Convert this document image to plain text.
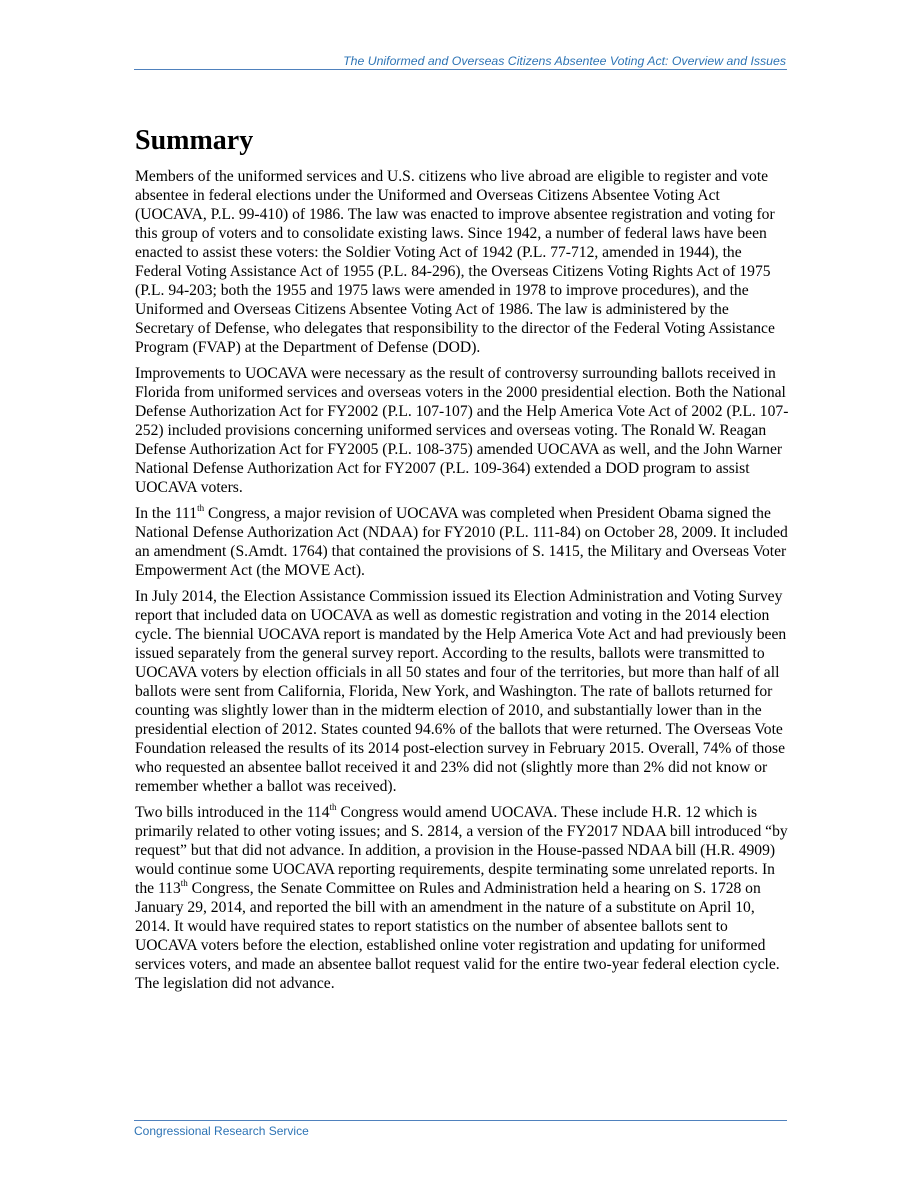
The Uniformed and Overseas Citizens Absentee Voting Act: Overview and Issues
Summary

Members of the uniformed services and U.S. citizens who live abroad are eligible to register and vote absentee in federal elections under the Uniformed and Overseas Citizens Absentee Voting Act (UOCAVA, P.L. 99-410) of 1986. The law was enacted to improve absentee registration and voting for this group of voters and to consolidate existing laws. Since 1942, a number of federal laws have been enacted to assist these voters: the Soldier Voting Act of 1942 (P.L. 77-712, amended in 1944), the Federal Voting Assistance Act of 1955 (P.L. 84-296), the Overseas Citizens Voting Rights Act of 1975 (P.L. 94-203; both the 1955 and 1975 laws were amended in 1978 to improve procedures), and the Uniformed and Overseas Citizens Absentee Voting Act of 1986. The law is administered by the Secretary of Defense, who delegates that responsibility to the director of the Federal Voting Assistance Program (FVAP) at the Department of Defense (DOD).

Improvements to UOCAVA were necessary as the result of controversy surrounding ballots received in Florida from uniformed services and overseas voters in the 2000 presidential election. Both the National Defense Authorization Act for FY2002 (P.L. 107-107) and the Help America Vote Act of 2002 (P.L. 107-252) included provisions concerning uniformed services and overseas voting. The Ronald W. Reagan Defense Authorization Act for FY2005 (P.L. 108-375) amended UOCAVA as well, and the John Warner National Defense Authorization Act for FY2007 (P.L. 109-364) extended a DOD program to assist UOCAVA voters.

In the 111th Congress, a major revision of UOCAVA was completed when President Obama signed the National Defense Authorization Act (NDAA) for FY2010 (P.L. 111-84) on October 28, 2009. It included an amendment (S.Amdt. 1764) that contained the provisions of S. 1415, the Military and Overseas Voter Empowerment Act (the MOVE Act).

In July 2014, the Election Assistance Commission issued its Election Administration and Voting Survey report that included data on UOCAVA as well as domestic registration and voting in the 2014 election cycle. The biennial UOCAVA report is mandated by the Help America Vote Act and had previously been issued separately from the general survey report. According to the results, ballots were transmitted to UOCAVA voters by election officials in all 50 states and four of the territories, but more than half of all ballots were sent from California, Florida, New York, and Washington. The rate of ballots returned for counting was slightly lower than in the midterm election of 2010, and substantially lower than in the presidential election of 2012. States counted 94.6% of the ballots that were returned. The Overseas Vote Foundation released the results of its 2014 post-election survey in February 2015. Overall, 74% of those who requested an absentee ballot received it and 23% did not (slightly more than 2% did not know or remember whether a ballot was received).

Two bills introduced in the 114th Congress would amend UOCAVA. These include H.R. 12 which is primarily related to other voting issues; and S. 2814, a version of the FY2017 NDAA bill introduced “by request” but that did not advance. In addition, a provision in the House-passed NDAA bill (H.R. 4909) would continue some UOCAVA reporting requirements, despite terminating some unrelated reports. In the 113th Congress, the Senate Committee on Rules and Administration held a hearing on S. 1728 on January 29, 2014, and reported the bill with an amendment in the nature of a substitute on April 10, 2014. It would have required states to report statistics on the number of absentee ballots sent to UOCAVA voters before the election, established online voter registration and updating for uniformed services voters, and made an absentee ballot request valid for the entire two-year federal election cycle. The legislation did not advance.

Congressional Research Service
